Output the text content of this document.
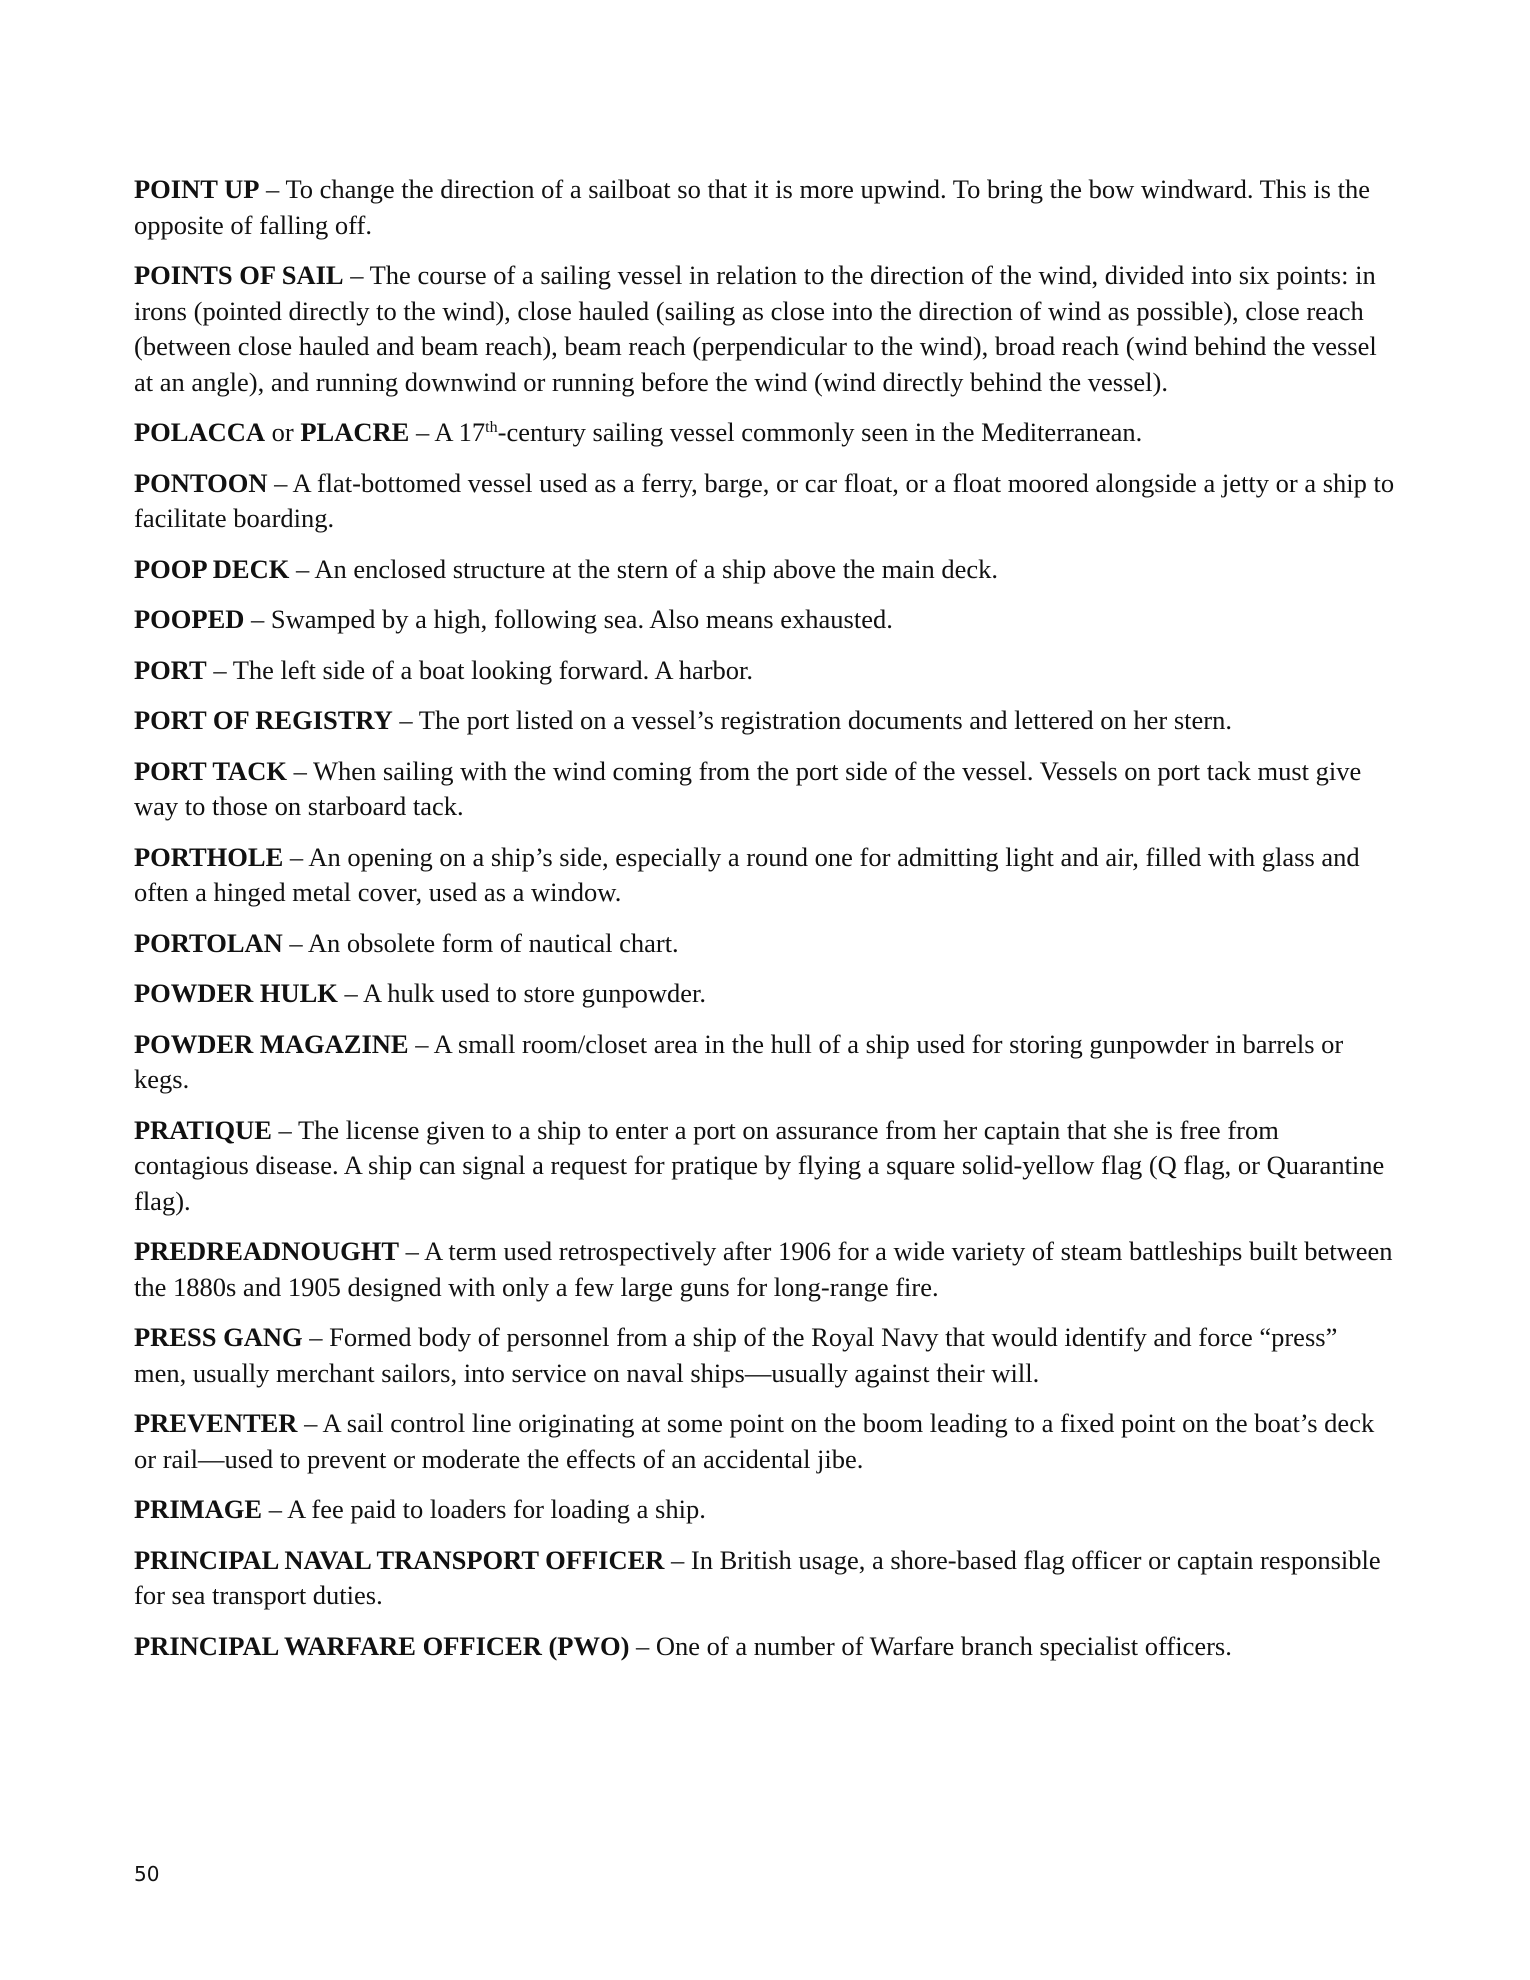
POINT UP – To change the direction of a sailboat so that it is more upwind. To bring the bow windward. This is the opposite of falling off.

POINTS OF SAIL – The course of a sailing vessel in relation to the direction of the wind, divided into six points: in irons (pointed directly to the wind), close hauled (sailing as close into the direction of wind as possible), close reach (between close hauled and beam reach), beam reach (perpendicular to the wind), broad reach (wind behind the vessel at an angle), and running downwind or running before the wind (wind directly behind the vessel).

POLACCA or PLACRE – A 17th-century sailing vessel commonly seen in the Mediterranean.

PONTOON – A flat-bottomed vessel used as a ferry, barge, or car float, or a float moored alongside a jetty or a ship to facilitate boarding.

POOP DECK – An enclosed structure at the stern of a ship above the main deck.

POOPED – Swamped by a high, following sea. Also means exhausted.

PORT – The left side of a boat looking forward. A harbor.

PORT OF REGISTRY – The port listed on a vessel’s registration documents and lettered on her stern.

PORT TACK – When sailing with the wind coming from the port side of the vessel. Vessels on port tack must give way to those on starboard tack.

PORTHOLE – An opening on a ship’s side, especially a round one for admitting light and air, filled with glass and often a hinged metal cover, used as a window.

PORTOLAN – An obsolete form of nautical chart.

POWDER HULK – A hulk used to store gunpowder.

POWDER MAGAZINE – A small room/closet area in the hull of a ship used for storing gunpowder in barrels or kegs.

PRATIQUE – The license given to a ship to enter a port on assurance from her captain that she is free from contagious disease. A ship can signal a request for pratique by flying a square solid-yellow flag (Q flag, or Quarantine flag).

PREDREADNOUGHT – A term used retrospectively after 1906 for a wide variety of steam battleships built between the 1880s and 1905 designed with only a few large guns for long-range fire.

PRESS GANG – Formed body of personnel from a ship of the Royal Navy that would identify and force “press” men, usually merchant sailors, into service on naval ships—usually against their will.

PREVENTER – A sail control line originating at some point on the boom leading to a fixed point on the boat’s deck or rail—used to prevent or moderate the effects of an accidental jibe.

PRIMAGE – A fee paid to loaders for loading a ship.

PRINCIPAL NAVAL TRANSPORT OFFICER – In British usage, a shore-based flag officer or captain responsible for sea transport duties.

PRINCIPAL WARFARE OFFICER (PWO) – One of a number of Warfare branch specialist officers.

50
